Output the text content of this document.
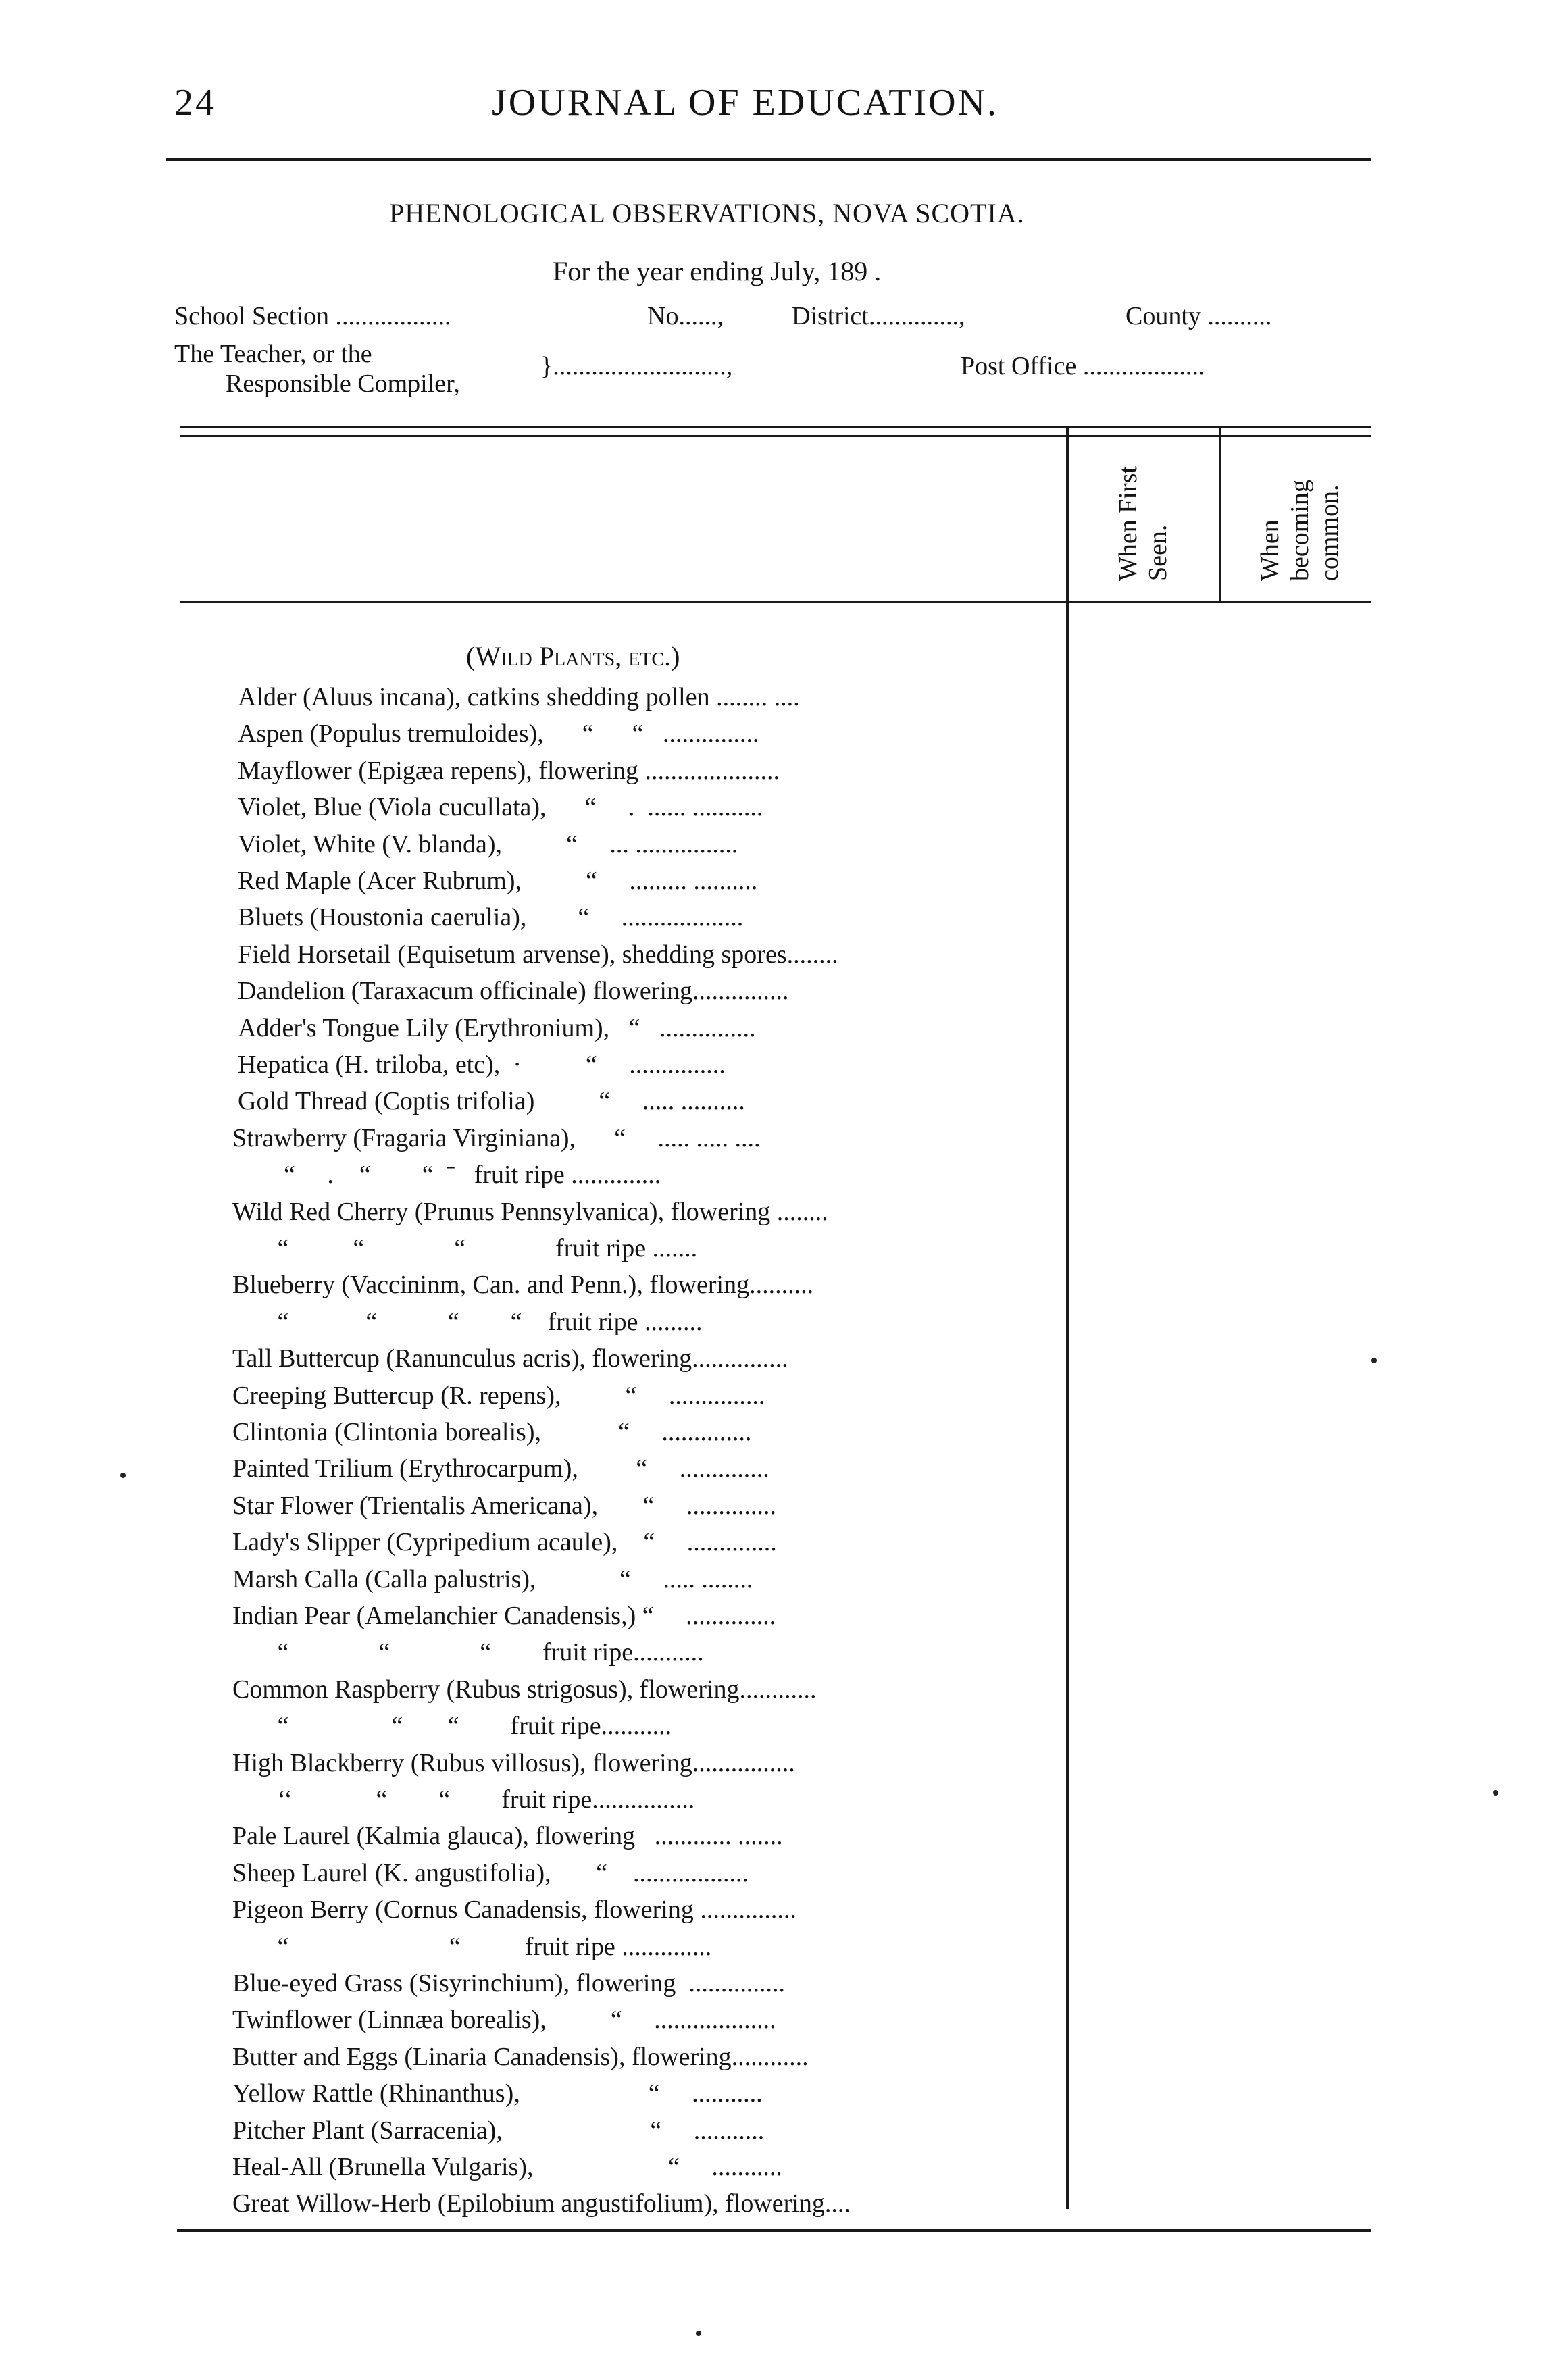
24	JOURNAL OF EDUCATION.
PHENOLOGICAL OBSERVATIONS, NOVA SCOTIA.
For the year ending July, 189 .
School Section ..................	No......,	District..............,	County ..........
The Teacher, or the
Responsible Compiler,
}...........................,	Post Office ...................
When First Seen.	When becoming common.
(Wild Plants, etc.)
Alder (Aluus incana), catkins shedding pollen ........ ....
Aspen (Populus tremuloides),      “      “   ...............
Mayflower (Epigæa repens), flowering .....................
Violet, Blue (Viola cucullata),      “     .  ...... ...........
Violet, White (V. blanda),          “     ... ................
Red Maple (Acer Rubrum),          “     ......... ..........
Bluets (Houstonia caerulia),        “     ...................
Field Horsetail (Equisetum arvense), shedding spores........
Dandelion (Taraxacum officinale) flowering...............
Adder's Tongue Lily (Erythronium),   “   ...............
Hepatica (H. triloba, etc),  ·          “     ...............
Gold Thread (Coptis trifolia)          “     ..... ..........
Strawberry (Fragaria Virginiana),      “     ..... ..... ....
“     .    “        “  ˉ   fruit ripe ..............
Wild Red Cherry (Prunus Pennsylvanica), flowering ........
“          “              “              fruit ripe .......
Blueberry (Vaccininm, Can. and Penn.), flowering..........
“            “           “        “    fruit ripe .........
Tall Buttercup (Ranunculus acris), flowering...............
Creeping Buttercup (R. repens),          “     ...............
Clintonia (Clintonia borealis),            “     ..............
Painted Trilium (Erythrocarpum),         “     ..............
Star Flower (Trientalis Americana),       “     ..............
Lady's Slipper (Cypripedium acaule),    “     ..............
Marsh Calla (Calla palustris),             “     ..... ........
Indian Pear (Amelanchier Canadensis,) “     ..............
“              “              “        fruit ripe...........
Common Raspberry (Rubus strigosus), flowering............
“                “       “        fruit ripe...........
High Blackberry (Rubus villosus), flowering................
‘‘             “        “        fruit ripe................
Pale Laurel (Kalmia glauca), flowering   ............ .......
Sheep Laurel (K. angustifolia),       “    ..................
Pigeon Berry (Cornus Canadensis, flowering ...............
“                         “          fruit ripe ..............
Blue-eyed Grass (Sisyrinchium), flowering  ...............
Twinflower (Linnæa borealis),          “     ...................
Butter and Eggs (Linaria Canadensis), flowering............
Yellow Rattle (Rhinanthus),                    “     ...........
Pitcher Plant (Sarracenia),                       “     ...........
Heal-All (Brunella Vulgaris),                     “     ...........
Great Willow-Herb (Epilobium angustifolium), flowering....
